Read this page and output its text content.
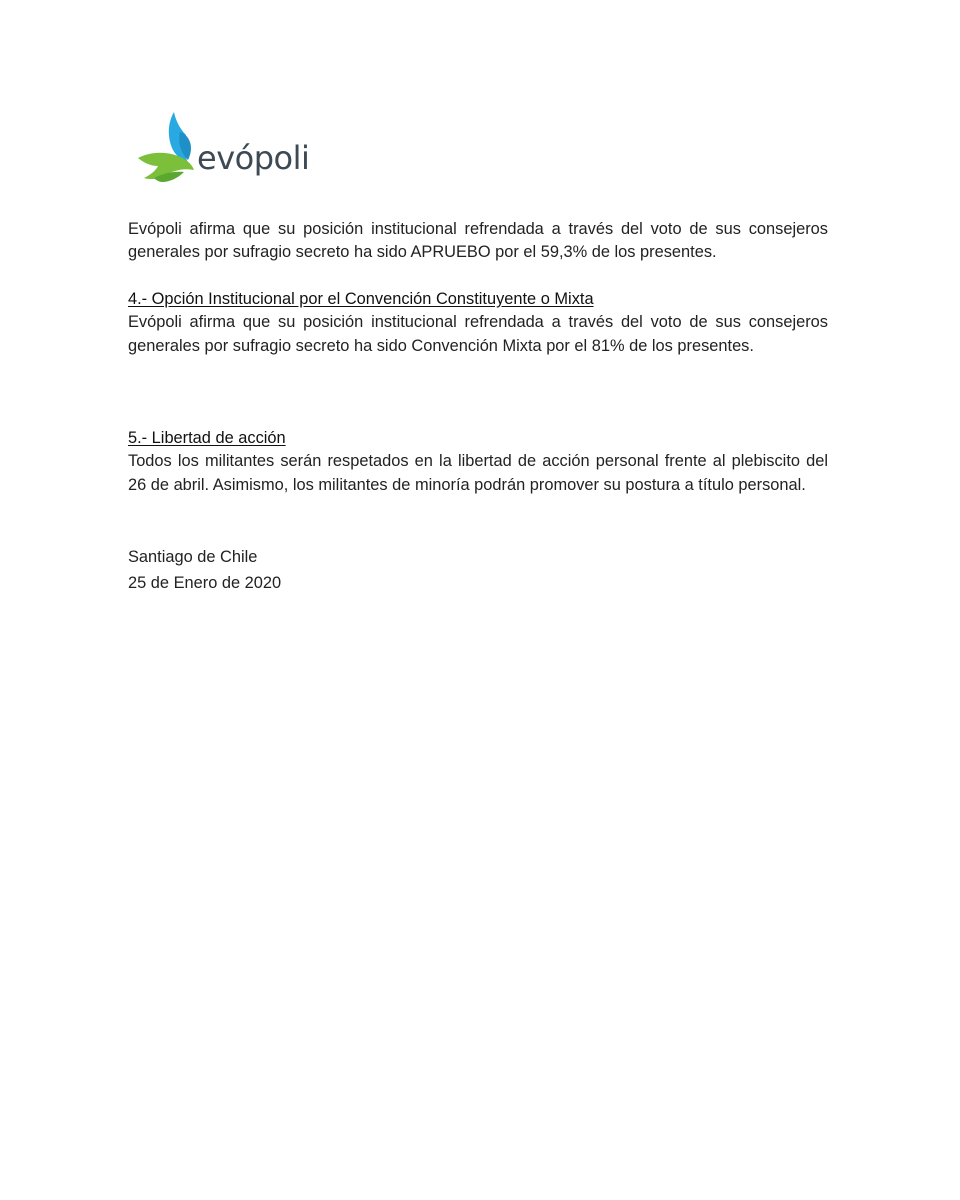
evópoli

Evópoli afirma que su posición institucional refrendada a través del voto de sus consejeros generales por sufragio secreto ha sido APRUEBO por el 59,3% de los presentes.

4.- Opción Institucional por el Convención Constituyente o Mixta

Evópoli afirma que su posición institucional refrendada a través del voto de sus consejeros generales por sufragio secreto ha sido Convención Mixta por el 81% de los presentes.

5.- Libertad de acción

Todos los militantes serán respetados en la libertad de acción personal frente al plebiscito del 26 de abril. Asimismo, los militantes de minoría podrán promover su postura a título personal.

Santiago de Chile

25 de Enero de 2020
